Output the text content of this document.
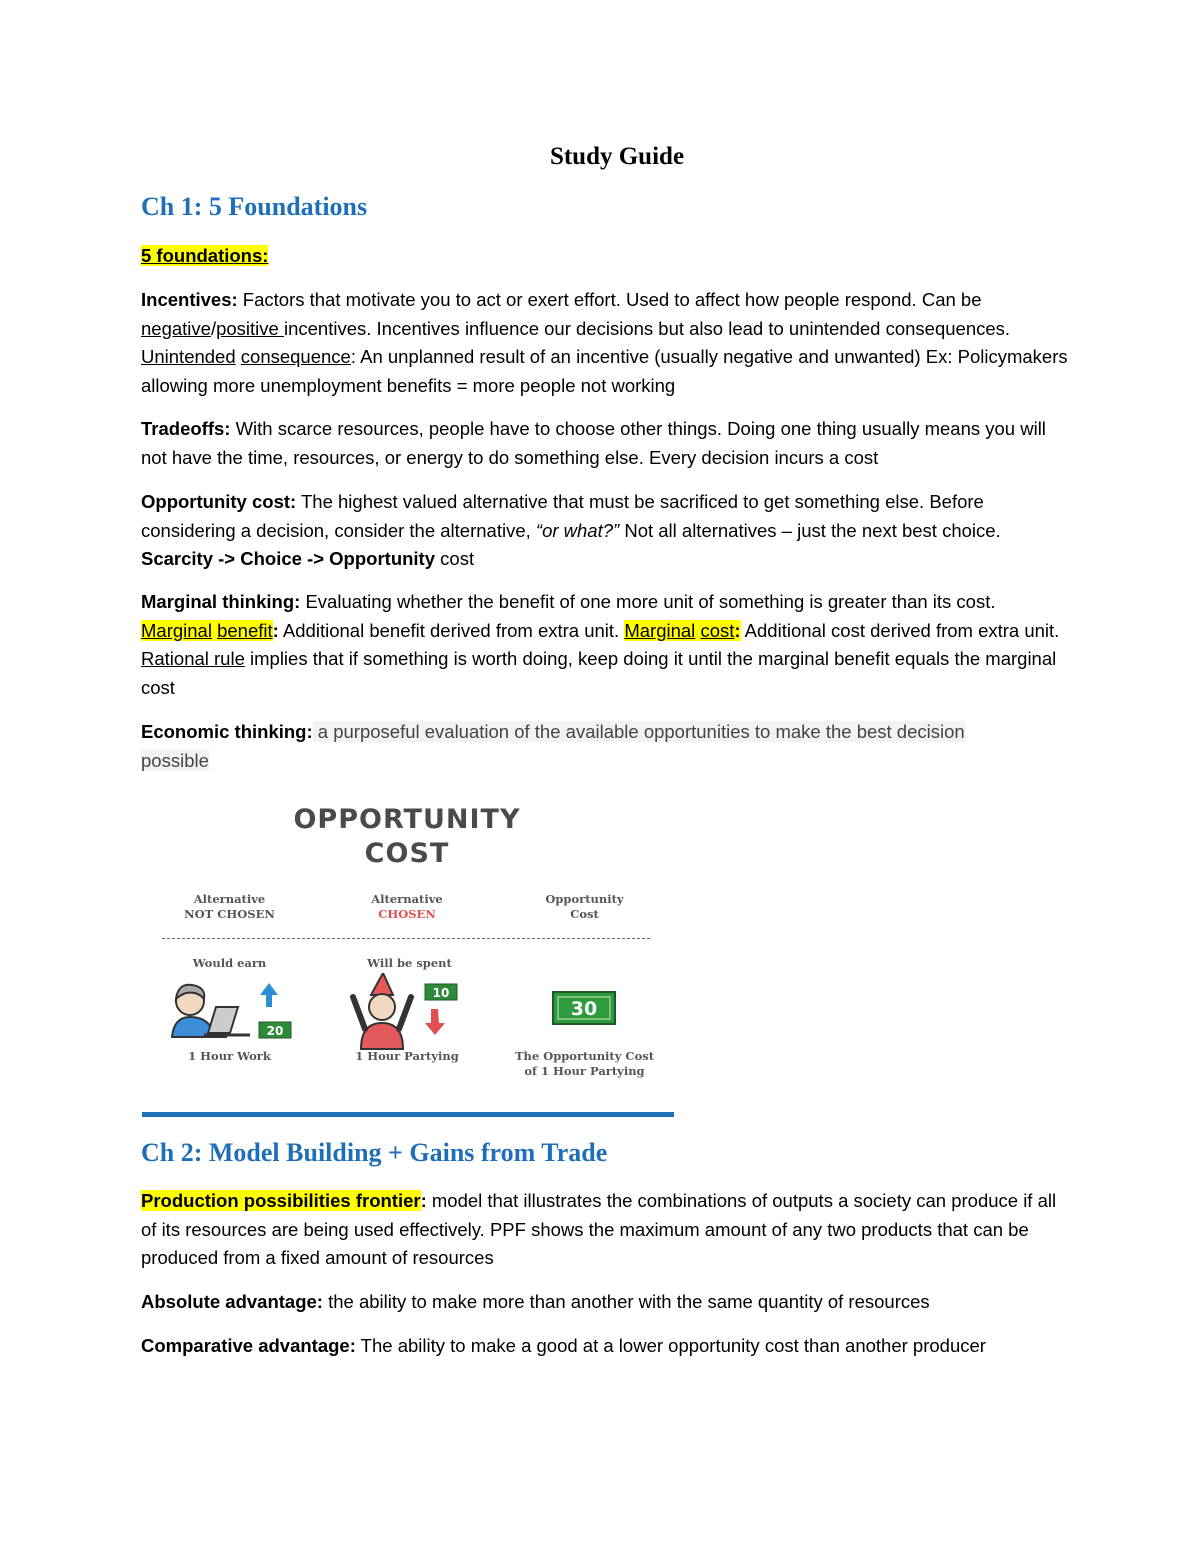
Study Guide
Ch 1: 5 Foundations

5 foundations:

Incentives: Factors that motivate you to act or exert effort. Used to affect how people respond. Can be negative/positive incentives. Incentives influence our decisions but also lead to unintended consequences. Unintended consequence: An unplanned result of an incentive (usually negative and unwanted) Ex: Policymakers allowing more unemployment benefits = more people not working

Tradeoffs: With scarce resources, people have to choose other things. Doing one thing usually means you will not have the time, resources, or energy to do something else. Every decision incurs a cost

Opportunity cost: The highest valued alternative that must be sacrificed to get something else. Before considering a decision, consider the alternative, “or what?” Not all alternatives – just the next best choice. Scarcity -> Choice -> Opportunity cost

Marginal thinking: Evaluating whether the benefit of one more unit of something is greater than its cost. Marginal benefit: Additional benefit derived from extra unit. Marginal cost: Additional cost derived from extra unit. Rational rule implies that if something is worth doing, keep doing it until the marginal benefit equals the marginal cost

Economic thinking: a purposeful evaluation of the available opportunities to make the best decision possible

OPPORTUNITY
COST
Alternative
NOT CHOSEN
Alternative
CHOSEN
Opportunity
Cost
Would earn	Will be spent
20
10
30
1 Hour Work	1 Hour Partying	The Opportunity Cost
of 1 Hour Partying
Ch 2: Model Building + Gains from Trade

Production possibilities frontier: model that illustrates the combinations of outputs a society can produce if all of its resources are being used effectively. PPF shows the maximum amount of any two products that can be produced from a fixed amount of resources

Absolute advantage: the ability to make more than another with the same quantity of resources

Comparative advantage: The ability to make a good at a lower opportunity cost than another producer
